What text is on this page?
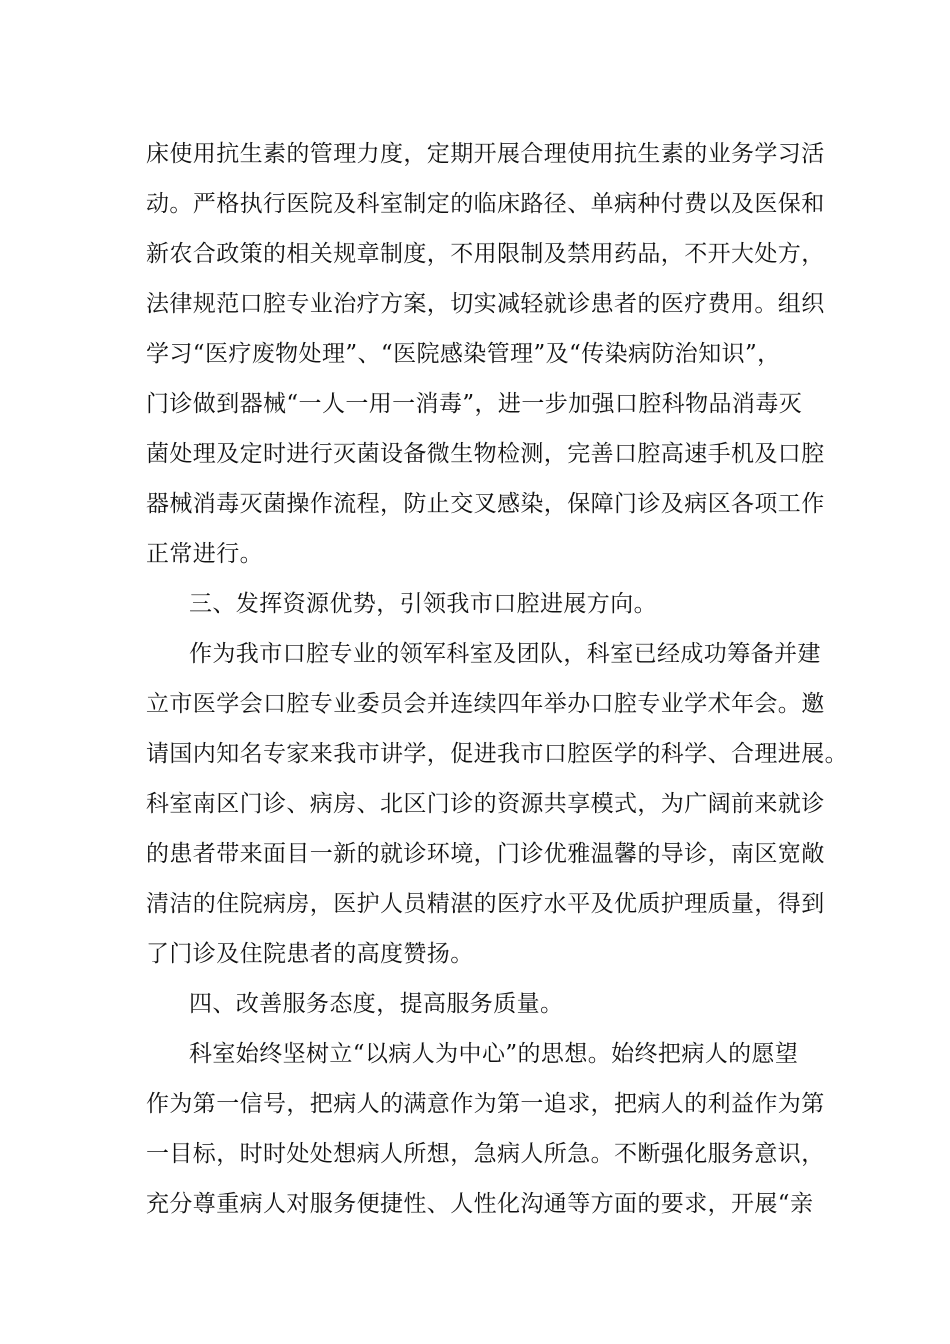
床使用抗生素的管理力度，定期开展合理使用抗生素的业务学习活
动。严格执行医院及科室制定的临床路径、单病种付费以及医保和
新农合政策的相关规章制度，不用限制及禁用药品，不开大处方，
法律规范口腔专业治疗方案，切实减轻就诊患者的医疗费用。组织
学习“医疗废物处理”、“医院感染管理”及“传染病防治知识”，
门诊做到器械“一人一用一消毒”，进一步加强口腔科物品消毒灭
菌处理及定时进行灭菌设备微生物检测，完善口腔高速手机及口腔
器械消毒灭菌操作流程，防止交叉感染，保障门诊及病区各项工作
正常进行。
三、发挥资源优势，引领我市口腔进展方向。
作为我市口腔专业的领军科室及团队，科室已经成功筹备并建
立市医学会口腔专业委员会并连续四年举办口腔专业学术年会。邀
请国内知名专家来我市讲学，促进我市口腔医学的科学、合理进展。
科室南区门诊、病房、北区门诊的资源共享模式，为广阔前来就诊
的患者带来面目一新的就诊环境，门诊优雅温馨的导诊，南区宽敞
清洁的住院病房，医护人员精湛的医疗水平及优质护理质量，得到
了门诊及住院患者的高度赞扬。
四、改善服务态度，提高服务质量。
科室始终坚树立“以病人为中心”的思想。始终把病人的愿望
作为第一信号，把病人的满意作为第一追求，把病人的利益作为第
一目标，时时处处想病人所想，急病人所急。不断强化服务意识，
充分尊重病人对服务便捷性、人性化沟通等方面的要求，开展“亲
